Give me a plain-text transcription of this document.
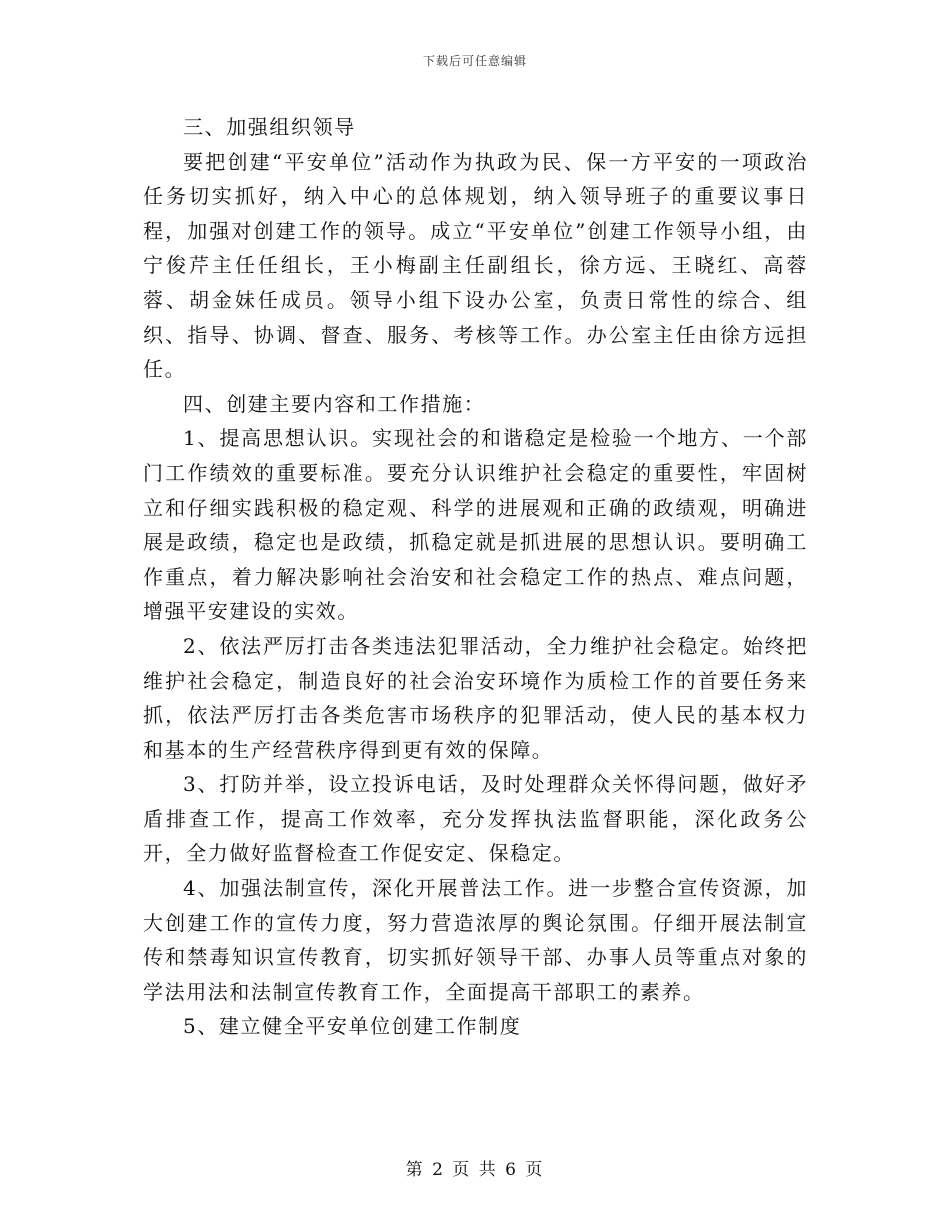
下载后可任意编辑

三、加强组织领导

要把创建“平安单位”活动作为执政为民、保一方平安的一项政治任务切实抓好，纳入中心的总体规划，纳入领导班子的重要议事日程，加强对创建工作的领导。成立“平安单位”创建工作领导小组，由宁俊芹主任任组长，王小梅副主任副组长，徐方远、王晓红、高蓉蓉、胡金妹任成员。领导小组下设办公室，负责日常性的综合、组织、指导、协调、督查、服务、考核等工作。办公室主任由徐方远担任。

四、创建主要内容和工作措施：

1、提高思想认识。实现社会的和谐稳定是检验一个地方、一个部门工作绩效的重要标准。要充分认识维护社会稳定的重要性，牢固树立和仔细实践积极的稳定观、科学的进展观和正确的政绩观，明确进展是政绩，稳定也是政绩，抓稳定就是抓进展的思想认识。要明确工作重点，着力解决影响社会治安和社会稳定工作的热点、难点问题，增强平安建设的实效。

2、依法严厉打击各类违法犯罪活动，全力维护社会稳定。始终把维护社会稳定，制造良好的社会治安环境作为质检工作的首要任务来抓，依法严厉打击各类危害市场秩序的犯罪活动，使人民的基本权力和基本的生产经营秩序得到更有效的保障。

3、打防并举，设立投诉电话，及时处理群众关怀得问题，做好矛盾排查工作，提高工作效率，充分发挥执法监督职能，深化政务公开，全力做好监督检查工作促安定、保稳定。

4、加强法制宣传，深化开展普法工作。进一步整合宣传资源，加大创建工作的宣传力度，努力营造浓厚的舆论氛围。仔细开展法制宣传和禁毒知识宣传教育，切实抓好领导干部、办事人员等重点对象的学法用法和法制宣传教育工作，全面提高干部职工的素养。

5、建立健全平安单位创建工作制度

第 2 页 共 6 页
